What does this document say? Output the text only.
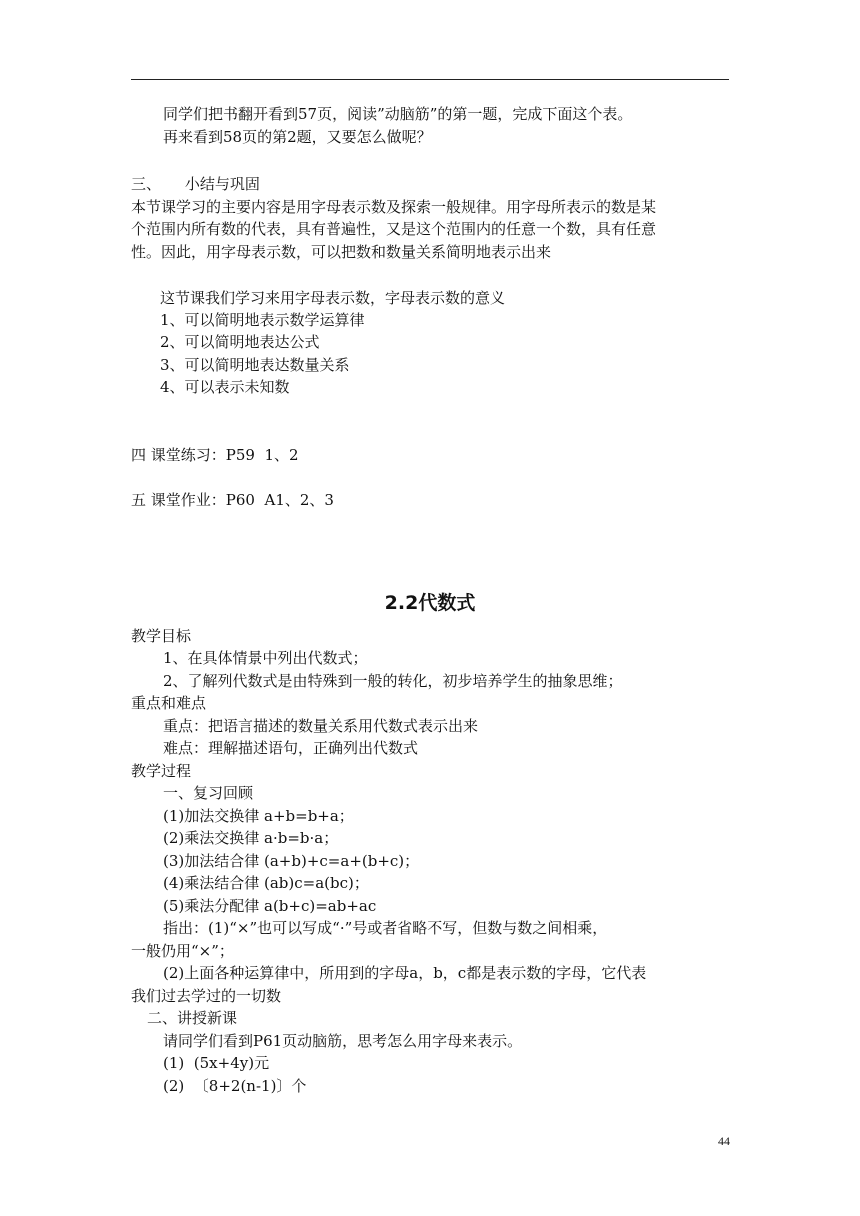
同学们把书翻开看到57页，阅读”动脑筋”的第一题，完成下面这个表。
再来看到58页的第2题，又要怎么做呢？
三、     小结与巩固
本节课学习的主要内容是用字母表示数及探索一般规律。用字母所表示的数是某
个范围内所有数的代表，具有普遍性，又是这个范围内的任意一个数，具有任意
性。因此，用字母表示数，可以把数和数量关系简明地表示出来
这节课我们学习来用字母表示数，字母表示数的意义
1、可以简明地表示数学运算律
2、可以简明地表达公式
3、可以简明地表达数量关系
4、可以表示未知数
四 课堂练习：P59  1、2
五 课堂作业：P60  A1、2、3
2.2代数式
教学目标
1、在具体情景中列出代数式；
2、了解列代数式是由特殊到一般的转化，初步培养学生的抽象思维；
重点和难点
重点：把语言描述的数量关系用代数式表示出来
难点：理解描述语句，正确列出代数式
教学过程
一、复习回顾
(1)加法交换律 a+b=b+a；
(2)乘法交换律 a·b=b·a；
(3)加法结合律 (a+b)+c=a+(b+c)；
(4)乘法结合律 (ab)c=a(bc)；
(5)乘法分配律 a(b+c)=ab+ac
指出：(1)“×”也可以写成“·”号或者省略不写，但数与数之间相乘，
一般仍用“×”；
(2)上面各种运算律中，所用到的字母a，b，c都是表示数的字母，它代表
我们过去学过的一切数
二、讲授新课
请同学们看到P61页动脑筋，思考怎么用字母来表示。
(1)  (5x+4y)元
(2)  〔8+2(n-1)〕个
44
